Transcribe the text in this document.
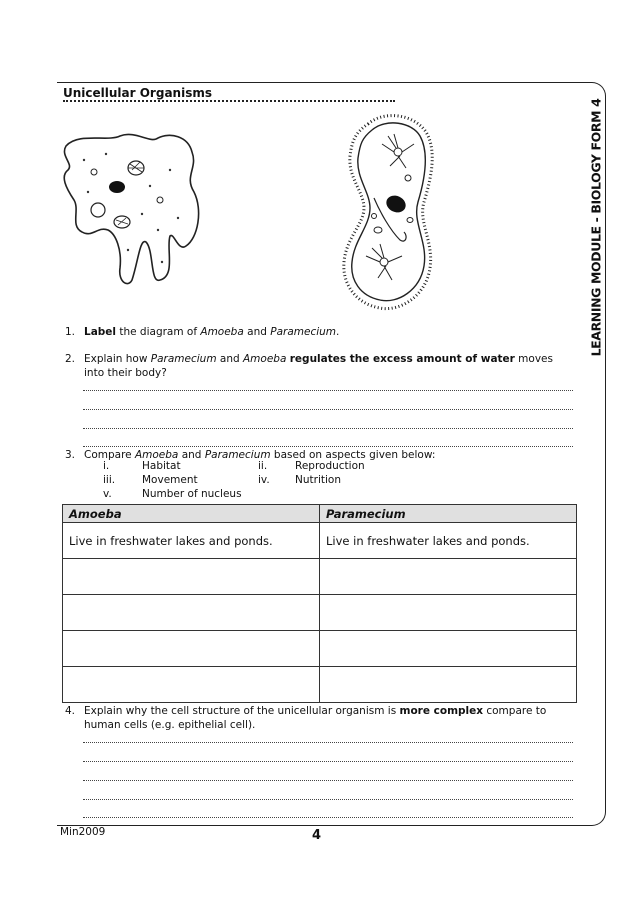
LEARNING MODULE - BIOLOGY FORM 4
Unicellular Organisms
1. Label the diagram of Amoeba and Paramecium.
2. Explain how Paramecium and Amoeba regulates the excess amount of water moves into their body?
3. Compare Amoeba and Paramecium based on aspects given below:
i.	Habitat	ii.	Reproduction
iii.	Movement	iv. Nutrition
v.	Number of nucleus
Amoeba	Paramecium
Live in freshwater lakes and ponds.	Live in freshwater lakes and ponds.

4. Explain why the cell structure of the unicellular organism is more complex compare to human cells (e.g. epithelial cell).
Min2009	4
